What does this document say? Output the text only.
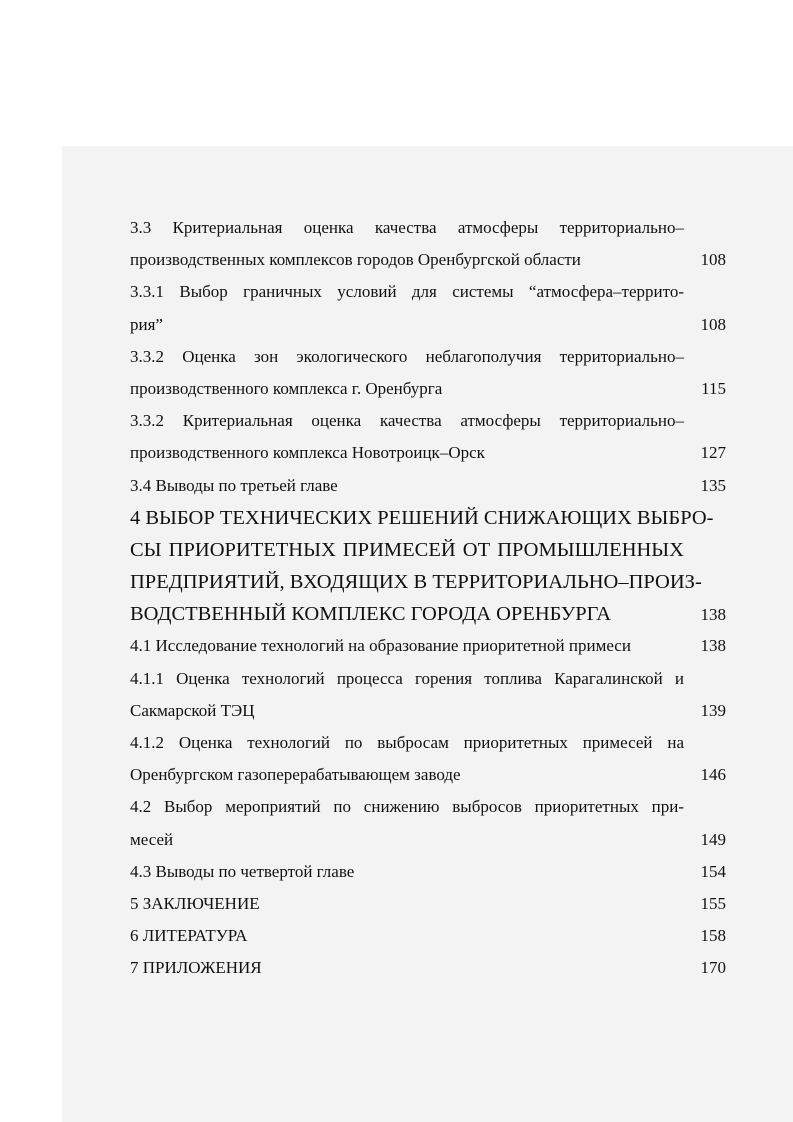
3.3 Критериальная оценка качества атмосферы территориально–
производственных комплексов городов Оренбургской области	108
3.3.1 Выбор граничных условий для системы “атмосфера–террито-
рия”	108
3.3.2 Оценка зон экологического неблагополучия территориально–
производственного комплекса г. Оренбурга	115
3.3.2 Критериальная оценка качества атмосферы территориально–
производственного комплекса Новотроицк–Орск	127
3.4 Выводы по третьей главе	135
4 ВЫБОР ТЕХНИЧЕСКИХ РЕШЕНИЙ СНИЖАЮЩИХ ВЫБРО-
СЫ ПРИОРИТЕТНЫХ ПРИМЕСЕЙ ОТ ПРОМЫШЛЕННЫХ
ПРЕДПРИЯТИЙ, ВХОДЯЩИХ В ТЕРРИТОРИАЛЬНО–ПРОИЗ-
ВОДСТВЕННЫЙ КОМПЛЕКС ГОРОДА ОРЕНБУРГА	138
4.1 Исследование технологий на образование приоритетной примеси	138
4.1.1 Оценка технологий процесса горения топлива Карагалинской и
Сакмарской ТЭЦ	139
4.1.2 Оценка технологий по выбросам приоритетных примесей на
Оренбургском газоперерабатывающем заводе	146
4.2 Выбор мероприятий по снижению выбросов приоритетных при-
месей	149
4.3 Выводы по четвертой главе	154
5 ЗАКЛЮЧЕНИЕ	155
6 ЛИТЕРАТУРА	158
7 ПРИЛОЖЕНИЯ	170
